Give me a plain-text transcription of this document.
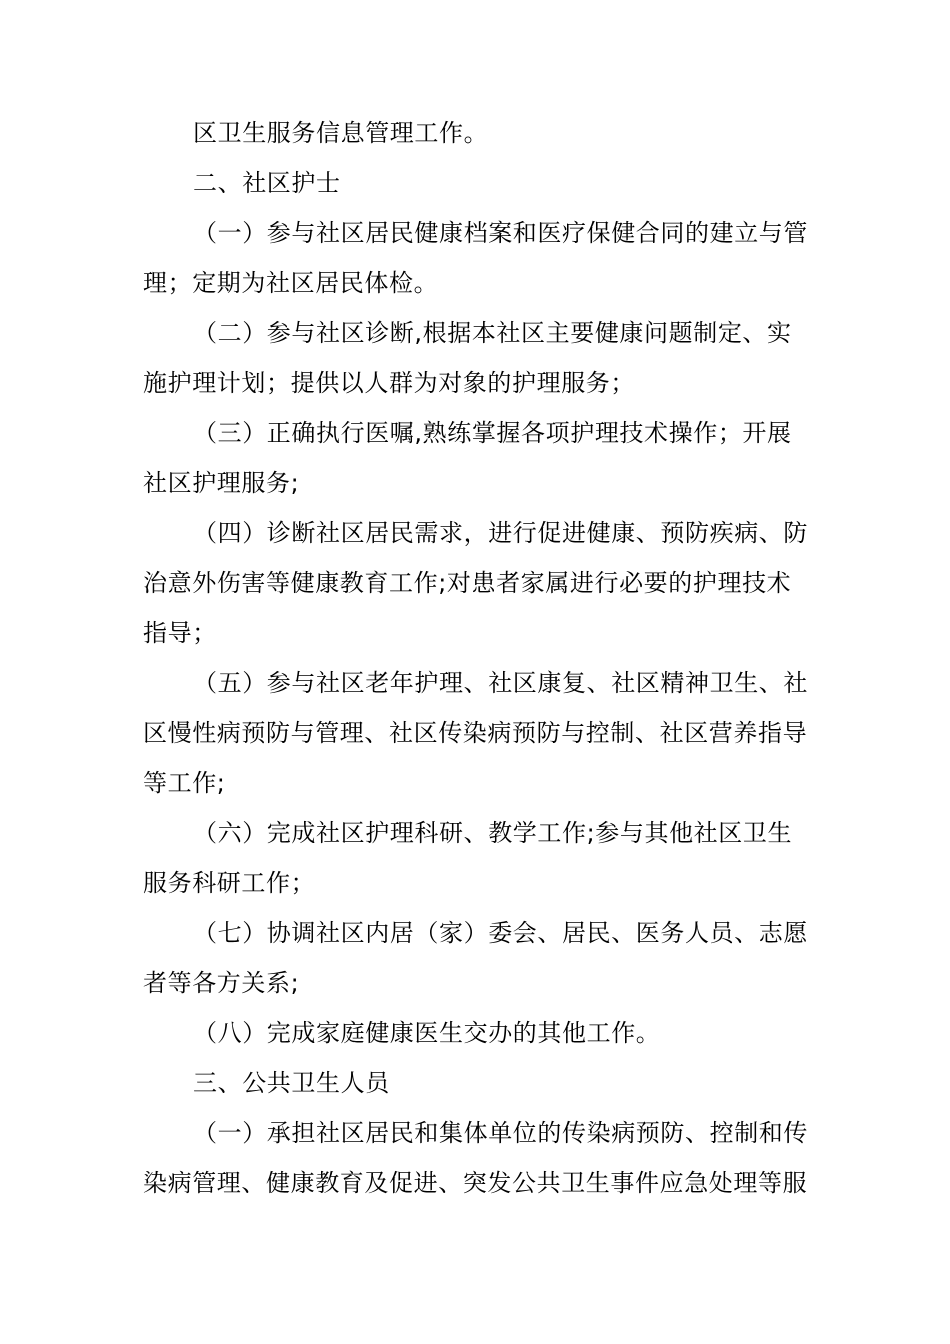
区卫生服务信息管理工作。
二、社区护士
（一）参与社区居民健康档案和医疗保健合同的建立与管
理；定期为社区居民体检。
（二）参与社区诊断,根据本社区主要健康问题制定、实
施护理计划；提供以人群为对象的护理服务；
（三）正确执行医嘱,熟练掌握各项护理技术操作；开展
社区护理服务;
（四）诊断社区居民需求，进行促进健康、预防疾病、防
治意外伤害等健康教育工作;对患者家属进行必要的护理技术
指导；
（五）参与社区老年护理、社区康复、社区精神卫生、社
区慢性病预防与管理、社区传染病预防与控制、社区营养指导
等工作;
（六）完成社区护理科研、教学工作;参与其他社区卫生
服务科研工作；
（七）协调社区内居（家）委会、居民、医务人员、志愿
者等各方关系;
（八）完成家庭健康医生交办的其他工作。
三、公共卫生人员
（一）承担社区居民和集体单位的传染病预防、控制和传
染病管理、健康教育及促进、突发公共卫生事件应急处理等服
